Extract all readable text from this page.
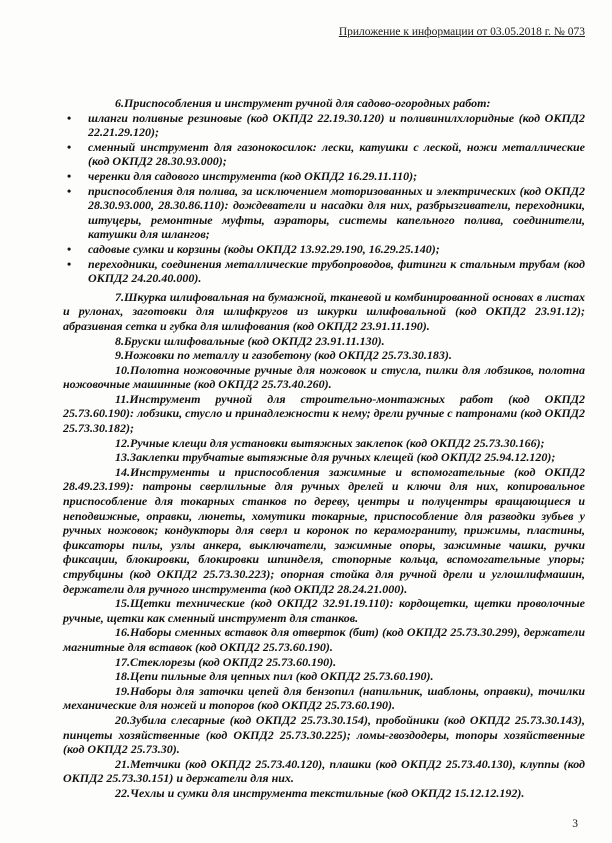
Приложение к информации от 03.05.2018 г. № 073

6.Приспособления и инструмент ручной для садово-огородных работ:

• шланги поливные резиновые (код ОКПД2 22.19.30.120) и поливинилхлоридные (код ОКПД2 22.21.29.120);
• сменный инструмент для газонокосилок: лески, катушки с леской, ножи металлические (код ОКПД2 28.30.93.000);
• черенки для садового инструмента (код ОКПД2 16.29.11.110);
• приспособления для полива, за исключением моторизованных и электрических (код ОКПД2 28.30.93.000, 28.30.86.110): дождеватели и насадки для них, разбрызгиватели, переходники, штуцеры, ремонтные муфты, аэраторы, системы капельного полива, соединители, катушки для шлангов;
• садовые сумки и корзины (коды ОКПД2 13.92.29.190, 16.29.25.140);
• переходники, соединения металлические трубопроводов, фитинги к стальным трубам (код ОКПД2 24.20.40.000).

7.Шкурка шлифовальная на бумажной, тканевой и комбинированной основах в листах и рулонах, заготовки для шлифкругов из шкурки шлифовальной (код ОКПД2 23.91.12); абразивная сетка и губка для шлифования (код ОКПД2 23.91.11.190).

8.Бруски шлифовальные (код ОКПД2 23.91.11.130).

9.Ножовки по металлу и газобетону (код ОКПД2 25.73.30.183).

10.Полотна ножовочные ручные для ножовок и стусла, пилки для лобзиков, полотна ножовочные машинные (код ОКПД2 25.73.40.260).

11.Инструмент ручной для строительно-монтажных работ (код ОКПД2 25.73.60.190): лобзики, стусло и принадлежности к нему; дрели ручные с патронами (код ОКПД2 25.73.30.182);

12.Ручные клещи для установки вытяжных заклепок (код ОКПД2 25.73.30.166);

13.Заклепки трубчатые вытяжные для ручных клещей (код ОКПД2 25.94.12.120);

14.Инструменты и приспособления зажимные и вспомогательные (код ОКПД2 28.49.23.199): патроны сверлильные для ручных дрелей и ключи для них, копировальное приспособление для токарных станков по дереву, центры и полуцентры вращающиеся и неподвижные, оправки, люнеты, хомутики токарные, приспособление для разводки зубьев у ручных ножовок; кондукторы для сверл и коронок по керамограниту, прижимы, пластины, фиксаторы пилы, узлы анкера, выключатели, зажимные опоры, зажимные чашки, ручки фиксации, блокировки, блокировки шпинделя, стопорные кольца, вспомогательные упоры; струбцины (код ОКПД2 25.73.30.223); опорная стойка для ручной дрели и углошлифмашин, держатели для ручного инструмента (код ОКПД2 28.24.21.000).

15.Щетки технические (код ОКПД2 32.91.19.110): кордощетки, щетки проволочные ручные, щетки как сменный инструмент для станков.

16.Наборы сменных вставок для отверток (бит) (код ОКПД2 25.73.30.299), держатели магнитные для вставок (код ОКПД2 25.73.60.190).

17.Стеклорезы (код ОКПД2 25.73.60.190).

18.Цепи пильные для цепных пил (код ОКПД2 25.73.60.190).

19.Наборы для заточки цепей для бензопил (напильник, шаблоны, оправки), точилки механические для ножей и топоров (код ОКПД2 25.73.60.190).

20.Зубила слесарные (код ОКПД2 25.73.30.154), пробойники (код ОКПД2 25.73.30.143), пинцеты хозяйственные (код ОКПД2 25.73.30.225); ломы-гвоздодеры, топоры хозяйственные (код ОКПД2 25.73.30).

21.Метчики (код ОКПД2 25.73.40.120), плашки (код ОКПД2 25.73.40.130), клуппы (код ОКПД2 25.73.30.151) и держатели для них.

22.Чехлы и сумки для инструмента текстильные (код ОКПД2 15.12.12.192).

3
